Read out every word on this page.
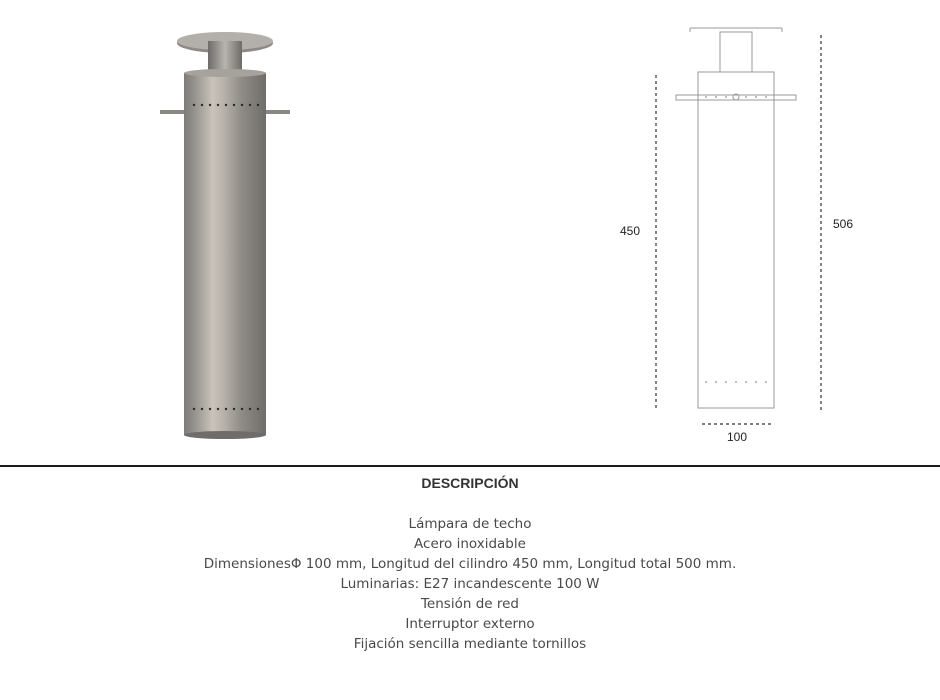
450	506
100
DESCRIPCIÓN
Lámpara de techo
Acero inoxidable
DimensionesΦ 100 mm, Longitud del cilindro 450 mm, Longitud total 500 mm.
Luminarias: E27 incandescente 100 W
Tensión de red
Interruptor externo
Fijación sencilla mediante tornillos
